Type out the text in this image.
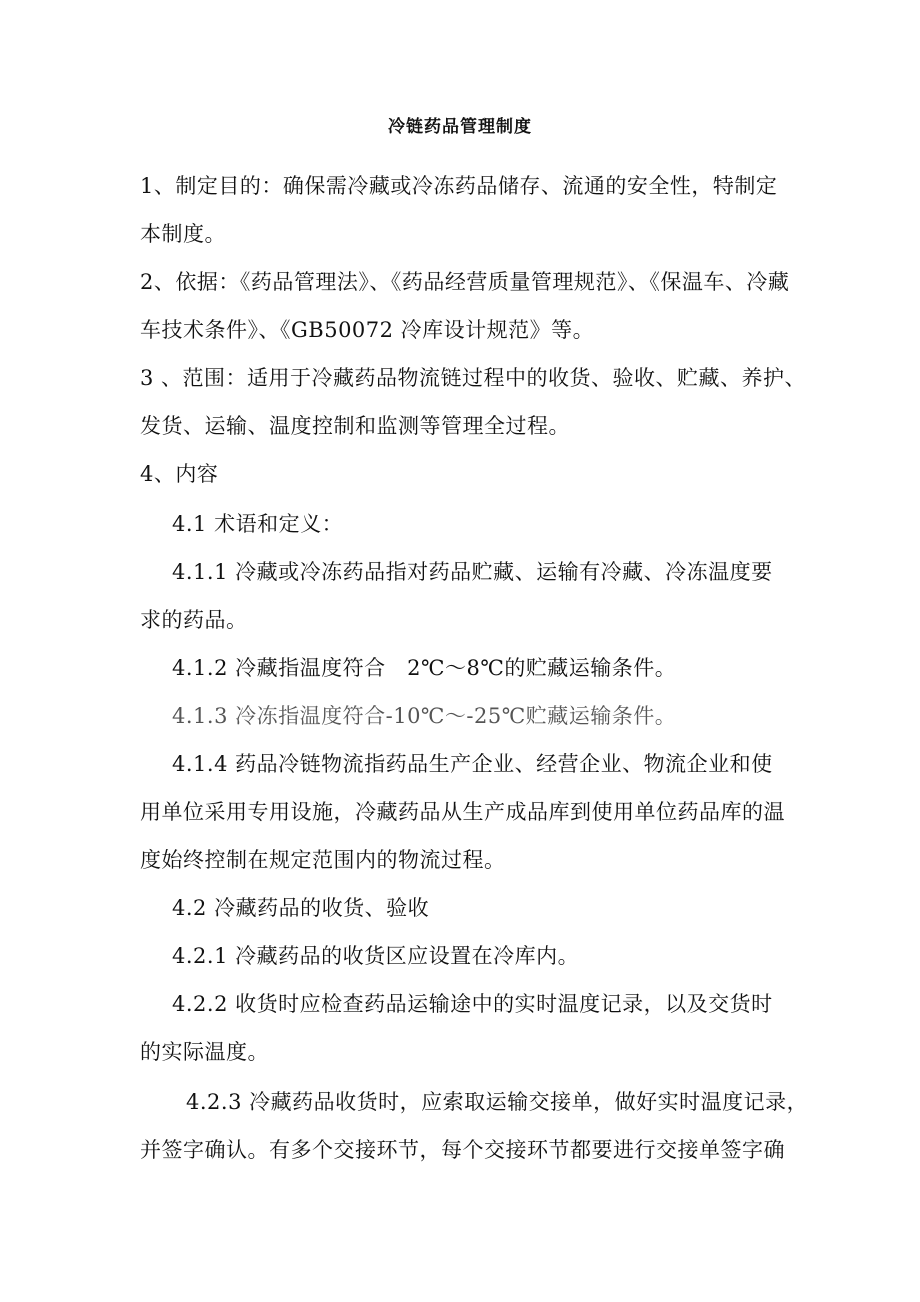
冷链药品管理制度

1、制定目的：确保需冷藏或冷冻药品储存、流通的安全性，特制定

本制度。

2、依据：《药品管理法》、《药品经营质量管理规范》、《保温车、冷藏

车技术条件》、《GB50072 冷库设计规范》等。

3 、范围：适用于冷藏药品物流链过程中的收货、验收、贮藏、养护、

发货、运输、温度控制和监测等管理全过程。

4、内容

4.1 术语和定义：

4.1.1 冷藏或冷冻药品指对药品贮藏、运输有冷藏、冷冻温度要

求的药品。

4.1.2 冷藏指温度符合　2℃～8℃的贮藏运输条件。

4.1.3 冷冻指温度符合-10℃～-25℃贮藏运输条件。

4.1.4 药品冷链物流指药品生产企业、经营企业、物流企业和使

用单位采用专用设施，冷藏药品从生产成品库到使用单位药品库的温

度始终控制在规定范围内的物流过程。

4.2 冷藏药品的收货、验收

4.2.1 冷藏药品的收货区应设置在冷库内。

4.2.2 收货时应检查药品运输途中的实时温度记录，以及交货时

的实际温度。

4.2.3 冷藏药品收货时，应索取运输交接单，做好实时温度记录，

并签字确认。有多个交接环节，每个交接环节都要进行交接单签字确
